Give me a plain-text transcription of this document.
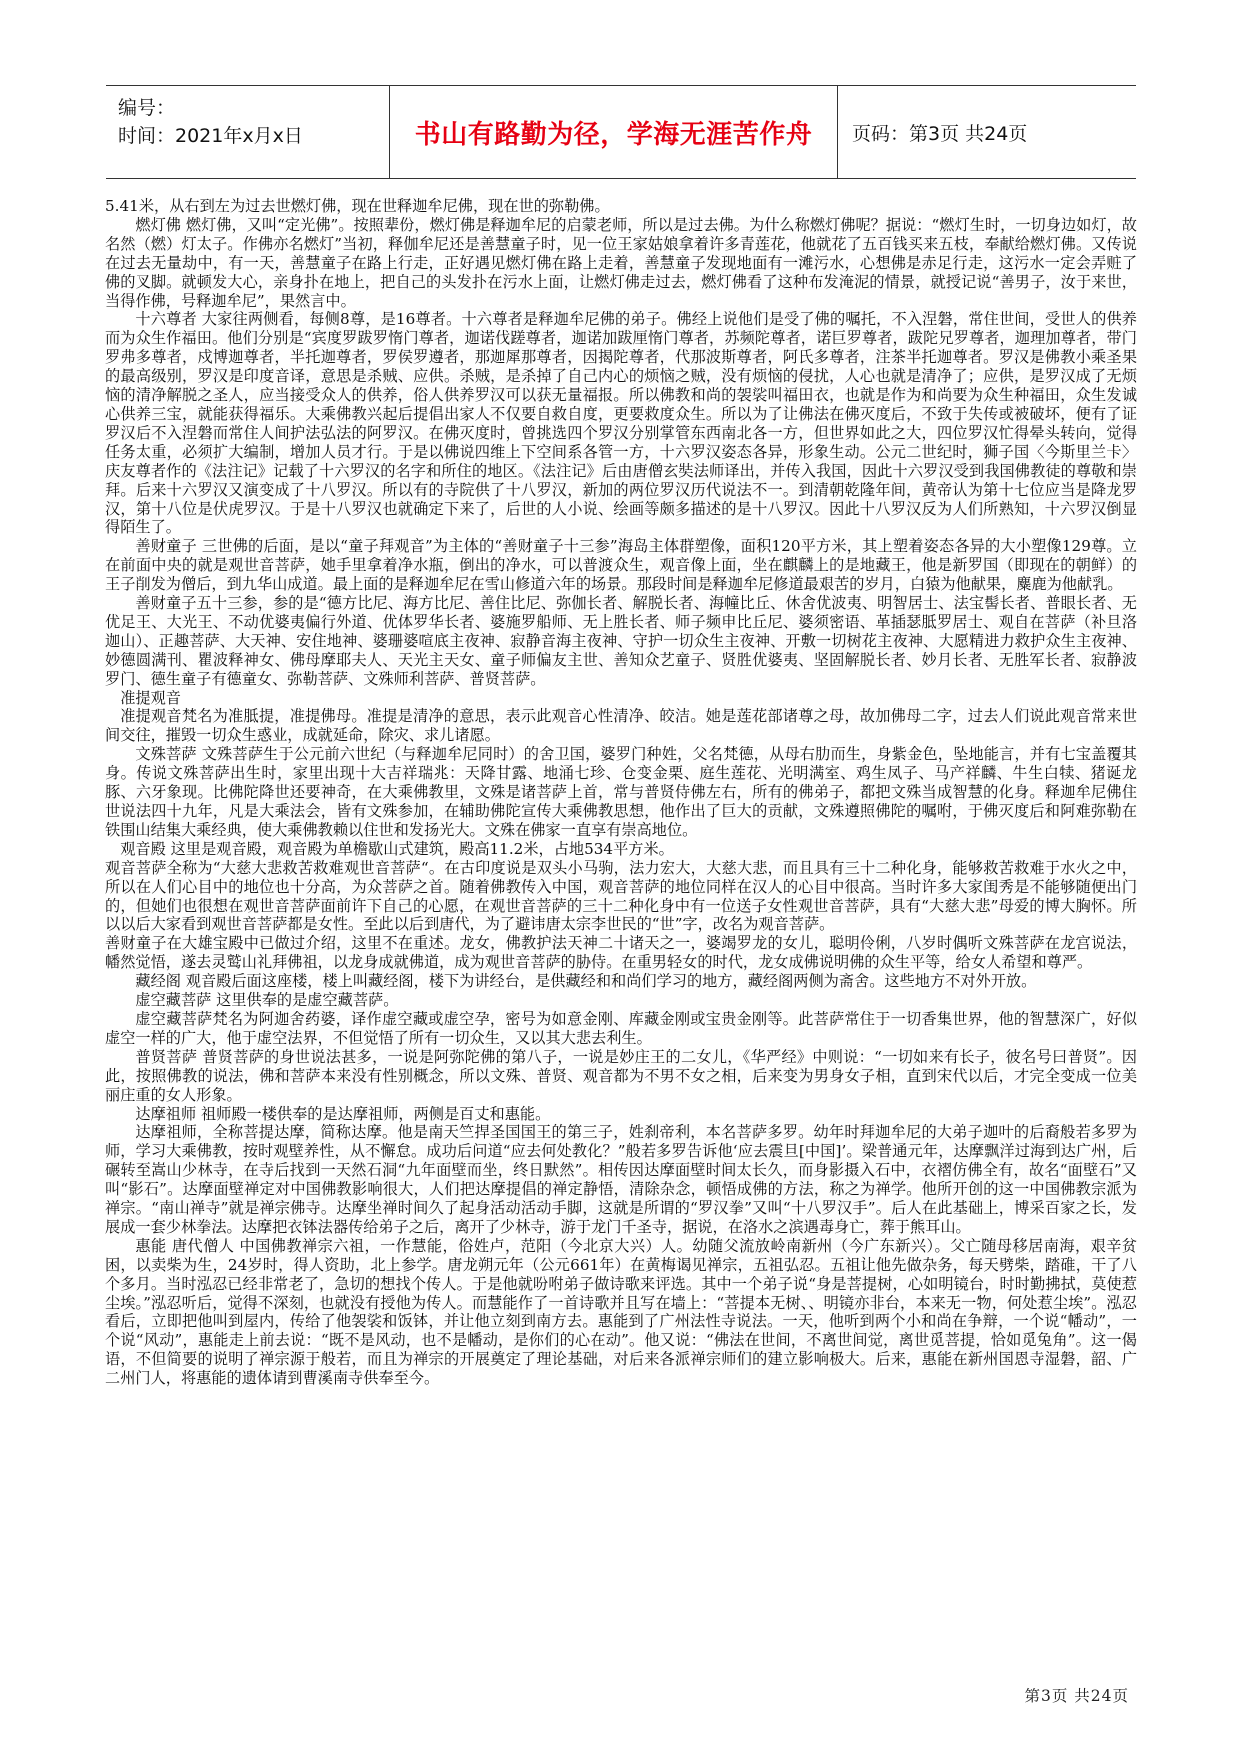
编号：
时间：2021年x月x日	书山有路勤为径，学海无涯苦作舟	页码：第3页 共24页

5.41米，从右到左为过去世燃灯佛，现在世释迦牟尼佛，现在世的弥勒佛。

燃灯佛 燃灯佛，又叫“定光佛”。按照辈份，燃灯佛是释迦牟尼的启蒙老师，所以是过去佛。为什么称燃灯佛呢？据说：“燃灯生时，一切身边如灯，故名然（燃）灯太子。作佛亦名燃灯”当初，释伽牟尼还是善慧童子时，见一位王家姑娘拿着许多青莲花，他就花了五百钱买来五枝，奉献给燃灯佛。又传说在过去无量劫中，有一天，善慧童子在路上行走，正好遇见燃灯佛在路上走着，善慧童子发现地面有一滩污水，心想佛是赤足行走，这污水一定会弄赃了佛的叉脚。就顿发大心，亲身扑在地上，把自己的头发扑在污水上面，让燃灯佛走过去，燃灯佛看了这种布发淹泥的情景，就授记说“善男子，汝于来世，当得作佛，号释迦牟尼”，果然言中。

十六尊者 大家往两侧看，每侧8尊，是16尊者。十六尊者是释迦牟尼佛的弟子。佛经上说他们是受了佛的嘱托，不入涅磐，常住世间，受世人的供养而为众生作福田。他们分别是“宾度罗跋罗惰门尊者，迦诺伐蹉尊者，迦诺加跋厘惰门尊者，苏频陀尊者，诺巨罗尊者，跋陀兄罗尊者，迦理加尊者，带门罗弗多尊者，戍博迦尊者，半托迦尊者，罗侯罗遵者，那迦犀那尊者，因揭陀尊者，代那波斯尊者，阿氏多尊者，注茶半托迦尊者。罗汉是佛教小乘圣果的最高级别，罗汉是印度音译，意思是杀贼、应供。杀贼，是杀掉了自己内心的烦恼之贼，没有烦恼的侵扰，人心也就是清净了；应供，是罗汉成了无烦恼的清净解脱之圣人，应当接受众人的供养，俗人供养罗汉可以获无量福报。所以佛教和尚的袈裟叫福田衣，也就是作为和尚要为众生种福田，众生发诚心供养三宝，就能获得福乐。大乘佛教兴起后提倡出家人不仅要自救自度，更要救度众生。所以为了让佛法在佛灭度后，不致于失传或被破坏，便有了证罗汉后不入涅磐而常住人间护法弘法的阿罗汉。在佛灭度时，曾挑选四个罗汉分别掌管东西南北各一方，但世界如此之大，四位罗汉忙得晕头转向，觉得任务太重，必须扩大编制，增加人员才行。于是以佛说四维上下空间系各管一方，十六罗汉姿态各异，形象生动。公元二世纪时，狮子国〈今斯里兰卡〉庆友尊者作的《法注记》记载了十六罗汉的名字和所住的地区。《法注记》后由唐僧玄奘法师译出，并传入我国，因此十六罗汉受到我国佛教徒的尊敬和崇拜。后来十六罗汉又演变成了十八罗汉。所以有的寺院供了十八罗汉，新加的两位罗汉历代说法不一。到清朝乾隆年间，黄帝认为第十七位应当是降龙罗汉，第十八位是伏虎罗汉。于是十八罗汉也就确定下来了，后世的人小说、绘画等颇多描述的是十八罗汉。因此十八罗汉反为人们所熟知，十六罗汉倒显得陌生了。

善财童子 三世佛的后面，是以“童子拜观音”为主体的“善财童子十三参”海岛主体群塑像，面积120平方米，其上塑着姿态各异的大小塑像129尊。立在前面中央的就是观世音菩萨，她手里拿着净水瓶，倒出的净水，可以普渡众生，观音像上面，坐在麒麟上的是地藏王，他是新罗国（即现在的朝鲜）的王子削发为僧后，到九华山成道。最上面的是释迦牟尼在雪山修道六年的场景。那段时间是释迦牟尼修道最艰苦的岁月，白猿为他献果，麋鹿为他献乳。

善财童子五十三参，参的是“德方比尼、海方比尼、善住比尼、弥伽长者、解脱长者、海幢比丘、休舍优波夷、明智居士、法宝髻长者、普眼长者、无优足王、大光王、不动优婆夷偏行外道、优体罗华长者、婆施罗船师、无上胜长者、师子频申比丘尼、婆须密语、革插瑟胝罗居士、观自在菩萨（补旦洛迦山）、正趣菩萨、大天神、安住地神、婆珊婆喧底主夜神、寂静音海主夜神、守护一切众生主夜神、开敷一切树花主夜神、大愿精进力救护众生主夜神、妙德圆满刊、瞿波释神女、佛母摩耶夫人、天光主天女、童子师偏友主世、善知众艺童子、贤胜优婆夷、坚固解脱长者、妙月长者、无胜军长者、寂静波罗门、德生童子有德童女、弥勒菩萨、文殊师利菩萨、普贤菩萨。

准提观音

准提观音梵名为准胝提，准提佛母。准提是清净的意思，表示此观音心性清净、皎洁。她是莲花部诸尊之母，故加佛母二字，过去人们说此观音常来世间交往，摧毁一切众生惑业，成就延命，除灾、求儿诸愿。

文殊菩萨 文殊菩萨生于公元前六世纪（与释迦牟尼同时）的舍卫国，婆罗门种姓，父名梵德，从母右肋而生，身紫金色，坠地能言，并有七宝盖覆其身。传说文殊菩萨出生时，家里出现十大吉祥瑞兆：天降甘露、地涌七珍、仓变金栗、庭生莲花、光明满室、鸡生凤子、马产祥麟、牛生白犊、猪诞龙豚、六牙象现。比佛陀降世还要神奇，在大乘佛教里，文殊是诸菩萨上首，常与普贤侍佛左右，所有的佛弟子，都把文殊当成智慧的化身。释迦牟尼佛住世说法四十九年，凡是大乘法会，皆有文殊参加，在辅助佛陀宣传大乘佛教思想，他作出了巨大的贡献，文殊遵照佛陀的嘱咐，于佛灭度后和阿难弥勒在铁围山结集大乘经典，使大乘佛教赖以住世和发扬光大。文殊在佛家一直享有崇高地位。

观音殿 这里是观音殿，观音殿为单檐歇山式建筑，殿高11.2米，占地534平方米。

观音菩萨全称为“大慈大悲救苦救难观世音菩萨“。在古印度说是双头小马驹，法力宏大，大慈大悲，而且具有三十二种化身，能够救苦救难于水火之中，所以在人们心目中的地位也十分高，为众菩萨之首。随着佛教传入中国，观音菩萨的地位同样在汉人的心目中很高。当时许多大家闺秀是不能够随便出门的，但她们也很想在观世音菩萨面前许下自己的心愿，在观世音菩萨的三十二种化身中有一位送子女性观世音菩萨，具有“大慈大悲”母爱的博大胸怀。所以以后大家看到观世音菩萨都是女性。至此以后到唐代，为了避讳唐太宗李世民的“世”字，改名为观音菩萨。

善财童子在大雄宝殿中已做过介绍，这里不在重述。龙女，佛教护法天神二十诸天之一，婆竭罗龙的女儿，聪明伶俐，八岁时偶听文殊菩萨在龙宫说法，幡然觉悟，遂去灵鹫山礼拜佛祖，以龙身成就佛道，成为观世音菩萨的胁侍。在重男轻女的时代，龙女成佛说明佛的众生平等，给女人希望和尊严。

藏经阁 观音殿后面这座楼，楼上叫藏经阁，楼下为讲经台，是供藏经和和尚们学习的地方，藏经阁两侧为斋舍。这些地方不对外开放。

虚空藏菩萨 这里供奉的是虚空藏菩萨。

虚空藏菩萨梵名为阿迦舍药婆，译作虚空藏或虚空孕，密号为如意金刚、库藏金刚或宝贵金刚等。此菩萨常住于一切香集世界，他的智慧深广，好似虚空一样的广大，他于虚空法界，不但觉悟了所有一切众生，又以其大悲去利生。

普贤菩萨 普贤菩萨的身世说法甚多，一说是阿弥陀佛的第八子，一说是妙庄王的二女儿，《华严经》中则说：“一切如来有长子，彼名号曰普贤”。因此，按照佛教的说法，佛和菩萨本来没有性别概念，所以文殊、普贤、观音都为不男不女之相，后来变为男身女子相，直到宋代以后，才完全变成一位美丽庄重的女人形象。

达摩祖师 祖师殿一楼供奉的是达摩祖师，两侧是百丈和惠能。

达摩祖师，全称菩提达摩，简称达摩。他是南天竺捍圣国国王的第三子，姓刹帝利，本名菩萨多罗。幼年时拜迦牟尼的大弟子迦叶的后裔般若多罗为师，学习大乘佛教，按时观壁养性，从不懈怠。成功后问道“应去何处教化？”般若多罗告诉他‘应去震旦[中国]’。梁普通元年，达摩飘洋过海到达广州，后碾转至嵩山少林寺，在寺后找到一天然石洞“九年面壁而坐，终日默然”。相传因达摩面壁时间太长久，而身影摄入石中，衣褶仿佛全有，故名“面壁石”又叫“影石”。达摩面壁禅定对中国佛教影响很大，人们把达摩提倡的禅定静悟，清除杂念，顿悟成佛的方法，称之为禅学。他所开创的这一中国佛教宗派为禅宗。“南山禅寺”就是禅宗佛寺。达摩坐禅时间久了起身活动活动手脚，这就是所谓的“罗汉拳”又叫“十八罗汉手”。后人在此基础上，博采百家之长，发展成一套少林拳法。达摩把衣钵法器传给弟子之后，离开了少林寺，游于龙门千圣寺，据说，在洛水之滨遇毒身亡，葬于熊耳山。

惠能 唐代僧人 中国佛教禅宗六祖，一作慧能，俗姓卢，范阳（今北京大兴）人。幼随父流放岭南新州（今广东新兴）。父亡随母移居南海，艰辛贫困，以卖柴为生，24岁时，得人资助，北上参学。唐龙朔元年（公元661年）在黄梅谒见禅宗，五祖弘忍。五祖让他先做杂务，每天劈柴，踏碓，干了八个多月。当时泓忍已经非常老了，急切的想找个传人。于是他就吩咐弟子做诗歌来评选。其中一个弟子说“身是菩提树，心如明镜台，时时勤拂拭，莫使惹尘埃。”泓忍听后，觉得不深刻，也就没有授他为传人。而慧能作了一首诗歌并且写在墙上：“菩提本无树、、明镜亦非台，本来无一物，何处惹尘埃”。泓忍看后，立即把他叫到屋内，传给了他袈裟和饭钵，并让他立刻到南方去。惠能到了广州法性寺说法。一天，他听到两个小和尚在争辩，一个说“幡动”，一个说“风动”，惠能走上前去说：“既不是风动，也不是幡动，是你们的心在动”。他又说：“佛法在世间，不离世间觉，离世觅菩提，恰如觅兔角”。这一偈语，不但简要的说明了禅宗源于般若，而且为禅宗的开展奠定了理论基础，对后来各派禅宗师们的建立影响极大。后来，惠能在新州国恩寺湿磐，韶、广二州门人，将惠能的遗体请到曹溪南寺供奉至今。

第3页 共24页
